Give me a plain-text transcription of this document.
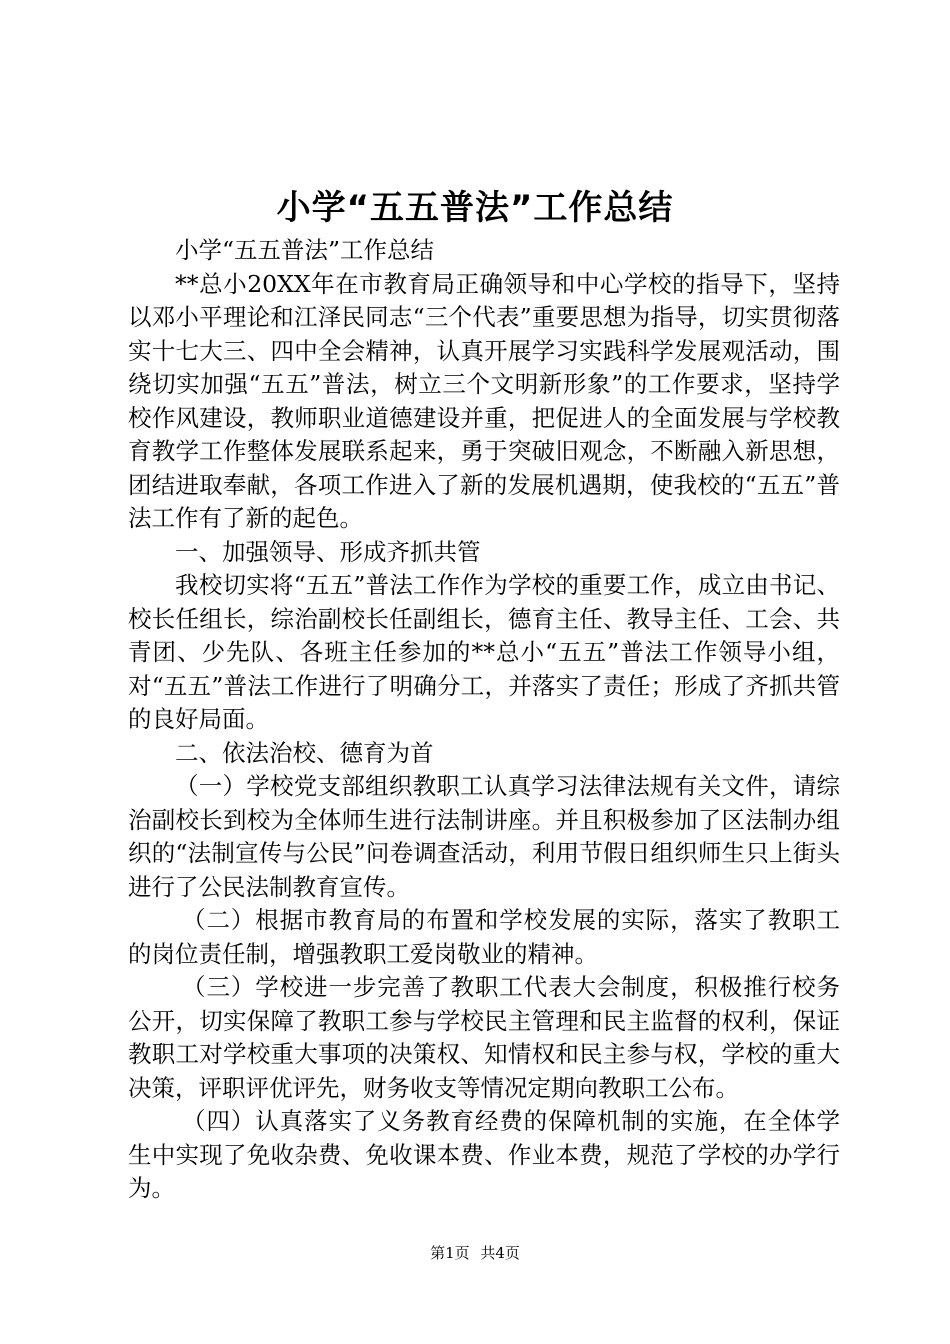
小学“五五普法”工作总结

小学“五五普法”工作总结

**总小20XX年在市教育局正确领导和中心学校的指导下，坚持以邓小平理论和江泽民同志“三个代表”重要思想为指导，切实贯彻落实十七大三、四中全会精神，认真开展学习实践科学发展观活动，围绕切实加强“五五”普法，树立三个文明新形象”的工作要求，坚持学校作风建设，教师职业道德建设并重，把促进人的全面发展与学校教育教学工作整体发展联系起来，勇于突破旧观念，不断融入新思想，团结进取奉献，各项工作进入了新的发展机遇期，使我校的“五五”普法工作有了新的起色。

一、加强领导、形成齐抓共管

我校切实将“五五”普法工作作为学校的重要工作，成立由书记、校长任组长，综治副校长任副组长，德育主任、教导主任、工会、共青团、少先队、各班主任参加的**总小“五五”普法工作领导小组，对“五五”普法工作进行了明确分工，并落实了责任；形成了齐抓共管的良好局面。

二、依法治校、德育为首

（一）学校党支部组织教职工认真学习法律法规有关文件，请综治副校长到校为全体师生进行法制讲座。并且积极参加了区法制办组织的“法制宣传与公民”问卷调查活动，利用节假日组织师生只上街头进行了公民法制教育宣传。

（二）根据市教育局的布置和学校发展的实际，落实了教职工的岗位责任制，增强教职工爱岗敬业的精神。

（三）学校进一步完善了教职工代表大会制度，积极推行校务公开，切实保障了教职工参与学校民主管理和民主监督的权利，保证教职工对学校重大事项的决策权、知情权和民主参与权，学校的重大决策，评职评优评先，财务收支等情况定期向教职工公布。

（四）认真落实了义务教育经费的保障机制的实施，在全体学生中实现了免收杂费、免收课本费、作业本费，规范了学校的办学行为。

第1页 共4页
